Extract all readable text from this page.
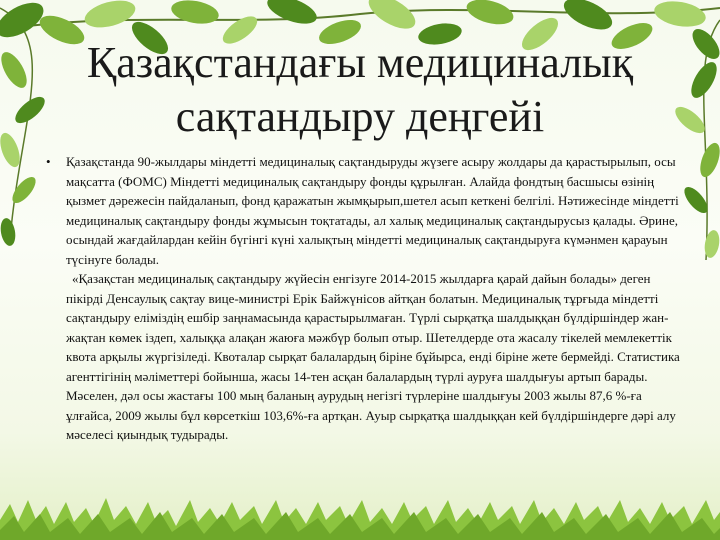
Қазақстандағы медициналық
сақтандыру деңгейі
•	Қазақстанда 90-жылдары міндетті медициналық сақтандыруды жүзеге асыру жолдары да қарастырылып, осы мақсатта (ФОМС) Міндетті медициналық сақтандыру фонды құрылған. Алайда фондтың басшысы өзінің қызмет дәрежесін пайдаланып, фонд қаражатын жымқырып,шетел асып кеткені белгілі. Нәтижесінде міндетті медициналық сақтандыру фонды жұмысын тоқтатады, ал халық медициналық сақтандырусыз қалады. Әрине, осындай жағдайлардан кейін бүгінгі күні халықтың міндетті медициналық сақтандыруға күмәнмен қарауын түсінуге болады.

«Қазақстан медициналық сақтандыру жүйесін енгізуге 2014-2015 жылдарға қарай дайын болады» деген пікірді Денсаулық сақтау вице-министрі Ерік Байжүнісов айтқан болатын. Медициналық тұрғыда міндетті сақтандыру еліміздің ешбір заңнамасында қарастырылмаған. Түрлі сырқатқа шалдыққан бүлдіршіндер жан-жақтан көмек іздеп, халыққа алақан жаюға мәжбүр болып отыр. Шетелдерде ота жасалу тікелей мемлекеттік квота арқылы жүргізіледі. Квоталар сырқат балалардың біріне бұйырса, енді біріне жете бермейді. Статистика агенттігінің мәліметтері бойынша, жасы 14-тен асқан балалардың түрлі ауруға шалдығуы артып барады. Мәселен, дәл осы жастағы 100 мың баланың аурудың негізгі түрлеріне шалдығуы 2003 жылы 87,6 %-ға ұлғайса, 2009 жылы бұл көрсеткіш 103,6%-ға артқан. Ауыр сырқатқа шалдыққан кей бүлдіршіндерге дәрі алу мәселесі қиындық тудырады.
